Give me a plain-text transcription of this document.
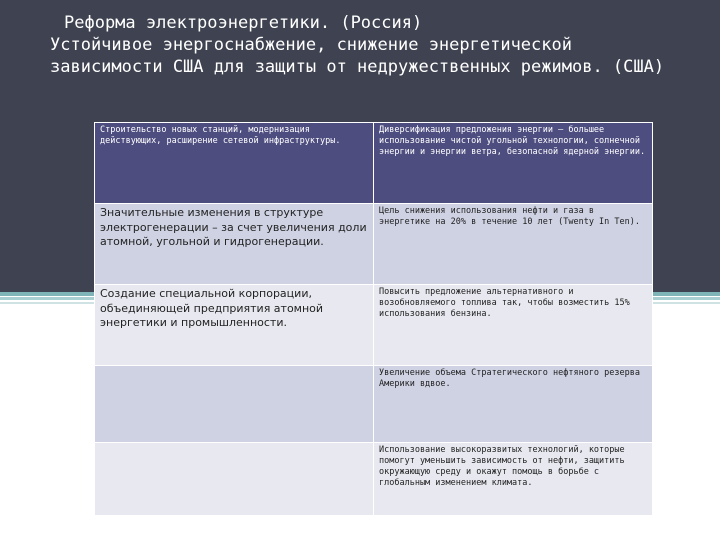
Реформа электроэнергетики. (Россия)
Устойчивое энергоснабжение, снижение энергетической зависимости США для защиты от недружественных режимов. (США)
Строительство новых станций, модернизация действующих, расширение сетевой инфраструктуры.	Диверсификация предложения энергии – большее использование чистой угольной технологии, солнечной энергии и энергии ветра, безопасной ядерной энергии.
Значительные изменения в структуре электрогенерации – за счет увеличения доли атомной, угольной и гидрогенерации.	Цель снижения использования нефти и газа в энергетике на 20% в течение 10 лет (Twenty In Ten).
Создание специальной корпорации, объединяющей предприятия атомной энергетики и промышленности.	Повысить предложение альтернативного и возобновляемого топлива так, чтобы возместить 15% использования бензина.
	Увеличение объема Стратегического нефтяного резерва Америки вдвое.
	Использование высокоразвитых технологий, которые помогут уменьшить зависимость от нефти, защитить окружающую среду и окажут помощь в борьбе с глобальным изменением климата.
